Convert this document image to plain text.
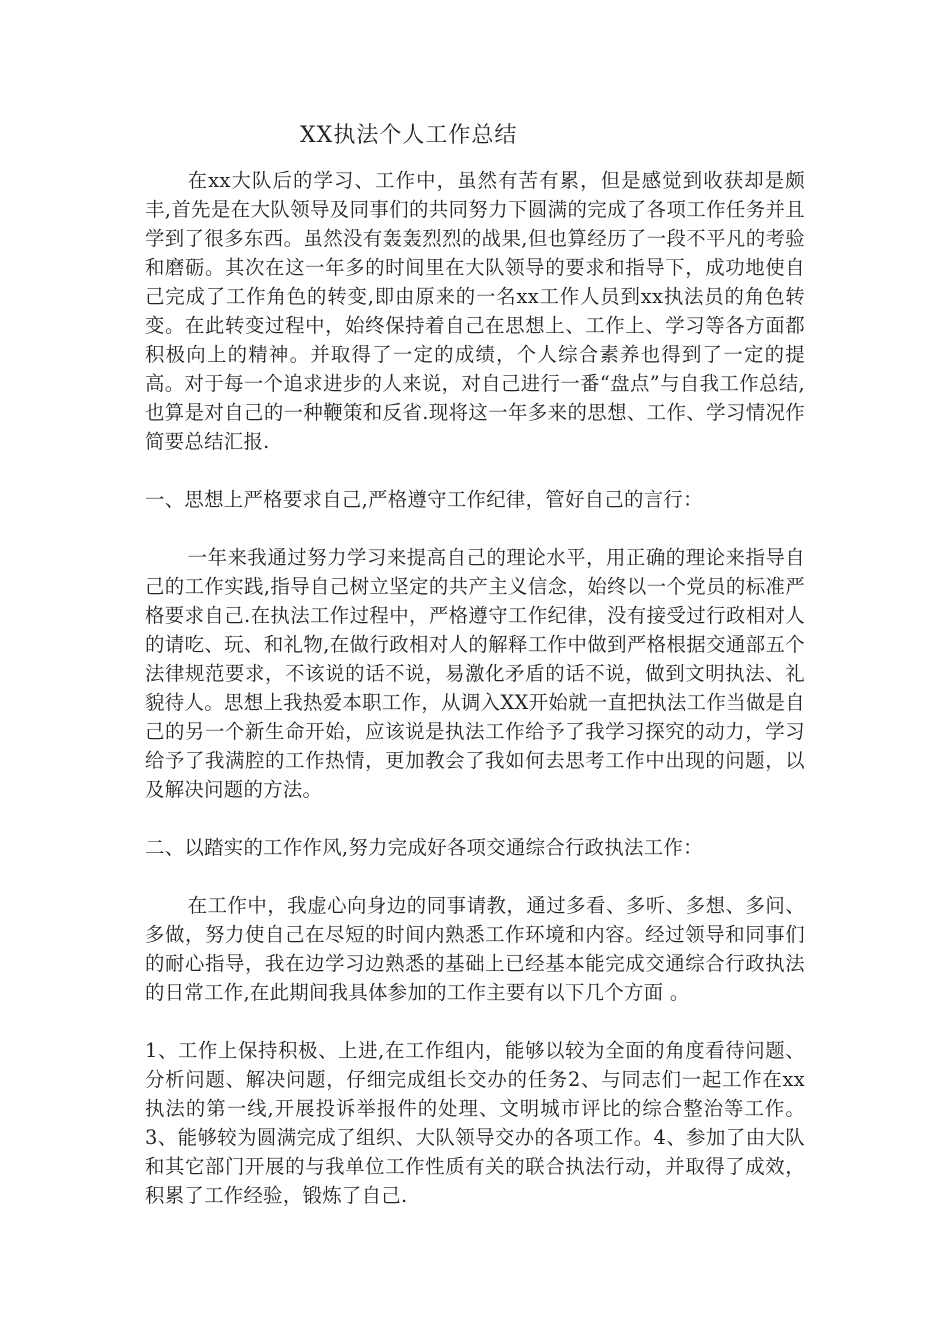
XX执法个人工作总结

在xx大队后的学习、工作中，虽然有苦有累，但是感觉到收获却是颇丰,首先是在大队领导及同事们的共同努力下圆满的完成了各项工作任务并且学到了很多东西。虽然没有轰轰烈烈的战果,但也算经历了一段不平凡的考验和磨砺。其次在这一年多的时间里在大队领导的要求和指导下，成功地使自己完成了工作角色的转变,即由原来的一名xx工作人员到xx执法员的角色转变。在此转变过程中，始终保持着自己在思想上、工作上、学习等各方面都积极向上的精神。并取得了一定的成绩，个人综合素养也得到了一定的提高。对于每一个追求进步的人来说，对自己进行一番“盘点”与自我工作总结,也算是对自己的一种鞭策和反省.现将这一年多来的思想、工作、学习情况作简要总结汇报.

一、思想上严格要求自己,严格遵守工作纪律，管好自己的言行：

一年来我通过努力学习来提高自己的理论水平，用正确的理论来指导自己的工作实践,指导自己树立坚定的共产主义信念，始终以一个党员的标准严格要求自己.在执法工作过程中，严格遵守工作纪律，没有接受过行政相对人的请吃、玩、和礼物,在做行政相对人的解释工作中做到严格根据交通部五个法律规范要求，不该说的话不说，易激化矛盾的话不说，做到文明执法、礼貌待人。思想上我热爱本职工作，从调入XX开始就一直把执法工作当做是自己的另一个新生命开始，应该说是执法工作给予了我学习探究的动力，学习给予了我满腔的工作热情，更加教会了我如何去思考工作中出现的问题，以及解决问题的方法。

二、以踏实的工作作风,努力完成好各项交通综合行政执法工作：

在工作中，我虚心向身边的同事请教，通过多看、多听、多想、多问、多做，努力使自己在尽短的时间内熟悉工作环境和内容。经过领导和同事们的耐心指导，我在边学习边熟悉的基础上已经基本能完成交通综合行政执法的日常工作,在此期间我具体参加的工作主要有以下几个方面 。

1、工作上保持积极、上进,在工作组内，能够以较为全面的角度看待问题、分析问题、解决问题，仔细完成组长交办的任务2、与同志们一起工作在xx执法的第一线,开展投诉举报件的处理、文明城市评比的综合整治等工作。3、能够较为圆满完成了组织、大队领导交办的各项工作。4、参加了由大队和其它部门开展的与我单位工作性质有关的联合执法行动，并取得了成效，积累了工作经验，锻炼了自己.
